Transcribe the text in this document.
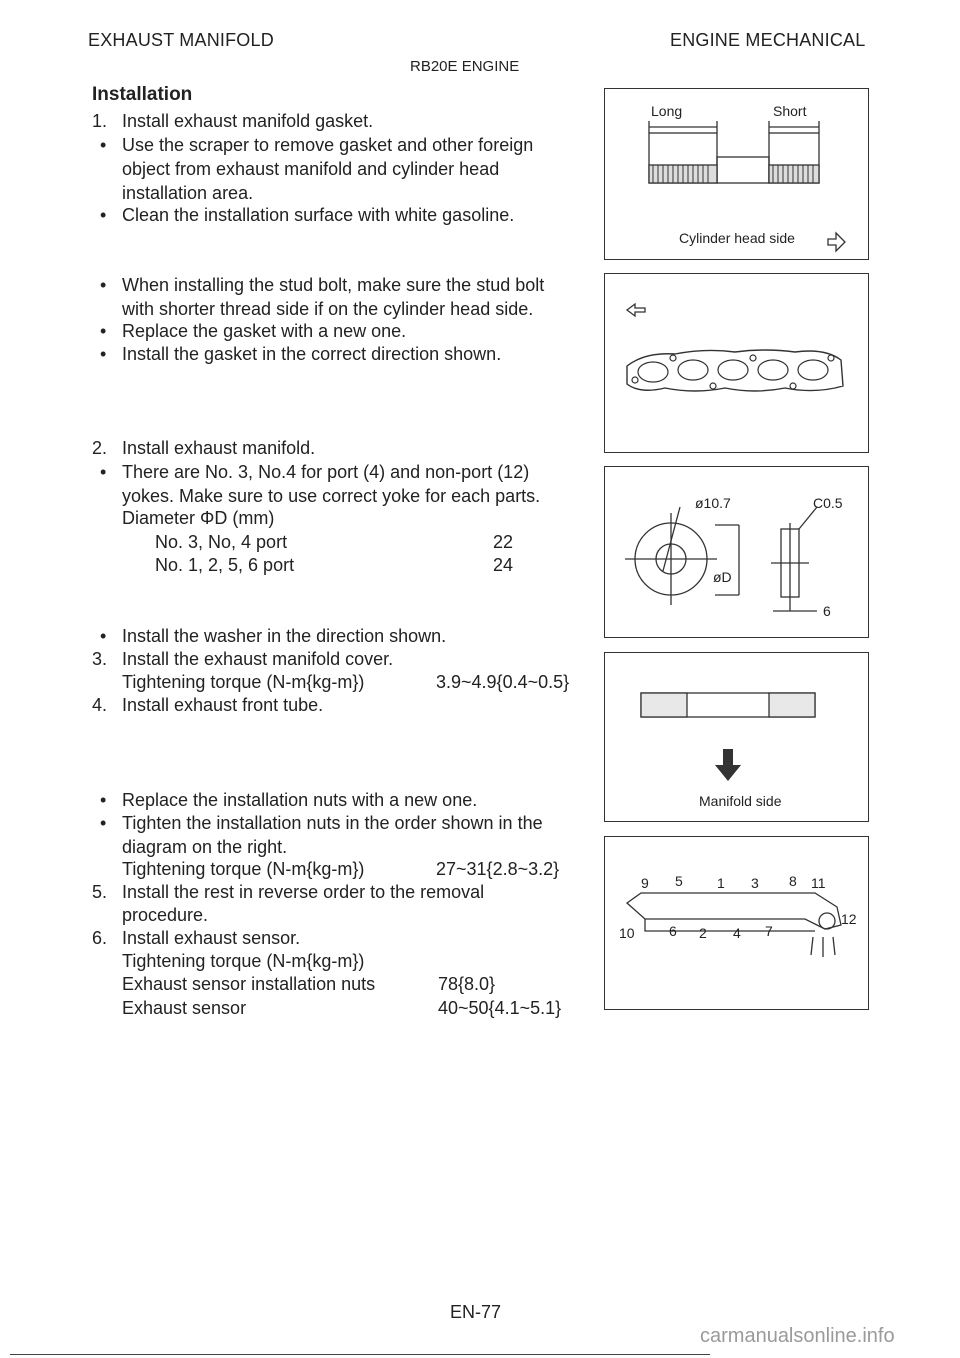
EXHAUST MANIFOLD	ENGINE MECHANICAL
RB20E ENGINE
Installation
1. Install exhaust manifold gasket.
• Use the scraper to remove gasket and other foreign
object from exhaust manifold and cylinder head
installation area.
• Clean the installation surface with white gasoline.
• When installing the stud bolt, make sure the stud bolt
with shorter thread side if on the cylinder head side.
• Replace the gasket with a new one.
• Install the gasket in the correct direction shown.
2. Install exhaust manifold.
• There are No. 3, No.4 for port (4) and non-port (12)
yokes. Make sure to use correct yoke for each parts.
Diameter ΦD (mm)
No. 3, No, 4 port	22
No. 1, 2, 5, 6 port	24
• Install the washer in the direction shown.
3. Install the exhaust manifold cover.
Tightening torque (N-m{kg-m})	3.9~4.9{0.4~0.5}
4. Install exhaust front tube.
• Replace the installation nuts with a new one.
• Tighten the installation nuts in the order shown in the
diagram on the right.
Tightening torque (N-m{kg-m})	27~31{2.8~3.2}
5. Install the rest in reverse order to the removal
procedure.
6. Install exhaust sensor.
Tightening torque (N-m{kg-m})
Exhaust sensor installation nuts	78{8.0}
Exhaust sensor	40~50{4.1~5.1}
Long	Short
Cylinder head side
ø10.7	C0.5
øD
6
Manifold side
9 5 1 3 8 11
10 6 2 4 7
12
EN-77
carmanualsonline.info
